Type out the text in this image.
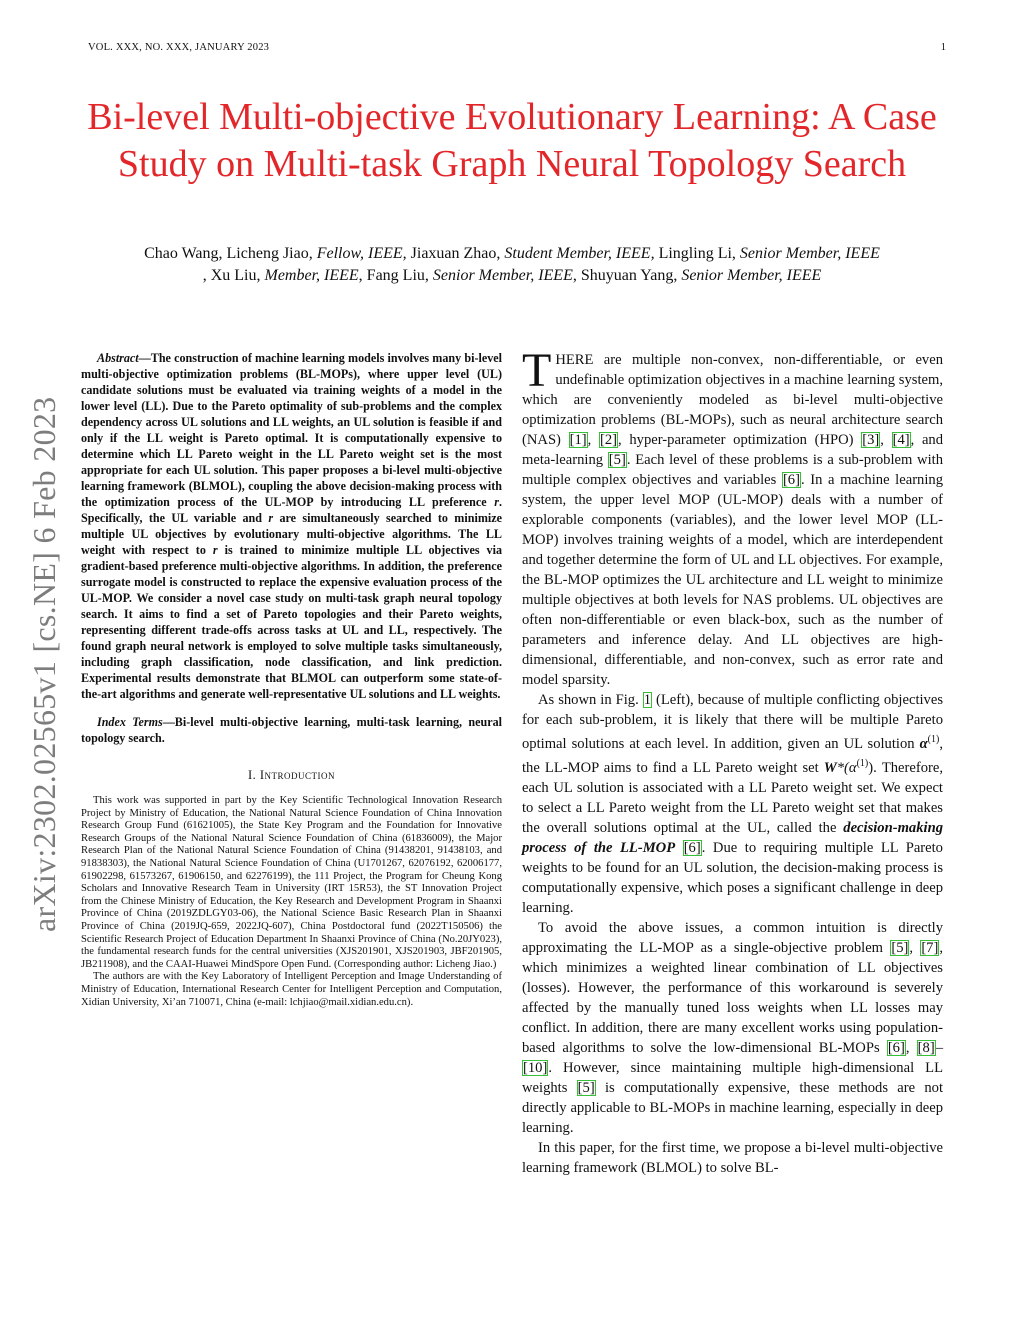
VOL. XXX, NO. XXX, JANUARY 2023	1
Bi-level Multi-objective Evolutionary Learning: A Case Study on Multi-task Graph Neural Topology Search
Chao Wang, Licheng Jiao, Fellow, IEEE, Jiaxuan Zhao, Student Member, IEEE, Lingling Li, Senior Member, IEEE
, Xu Liu, Member, IEEE, Fang Liu, Senior Member, IEEE, Shuyuan Yang, Senior Member, IEEE
arXiv:2302.02565v1 [cs.NE] 6 Feb 2023

Abstract—The construction of machine learning models involves many bi-level multi-objective optimization problems (BL-MOPs), where upper level (UL) candidate solutions must be evaluated via training weights of a model in the lower level (LL). Due to the Pareto optimality of sub-problems and the complex dependency across UL solutions and LL weights, an UL solution is feasible if and only if the LL weight is Pareto optimal. It is computationally expensive to determine which LL Pareto weight in the LL Pareto weight set is the most appropriate for each UL solution. This paper proposes a bi-level multi-objective learning framework (BLMOL), coupling the above decision-making process with the optimization process of the UL-MOP by introducing LL preference r. Specifically, the UL variable and r are simultaneously searched to minimize multiple UL objectives by evolutionary multi-objective algorithms. The LL weight with respect to r is trained to minimize multiple LL objectives via gradient-based preference multi-objective algorithms. In addition, the preference surrogate model is constructed to replace the expensive evaluation process of the UL-MOP. We consider a novel case study on multi-task graph neural topology search. It aims to find a set of Pareto topologies and their Pareto weights, representing different trade-offs across tasks at UL and LL, respectively. The found graph neural network is employed to solve multiple tasks simultaneously, including graph classification, node classification, and link prediction. Experimental results demonstrate that BLMOL can outperform some state-of-the-art algorithms and generate well-representative UL solutions and LL weights.

Index Terms—Bi-level multi-objective learning, multi-task learning, neural topology search.

I. Introduction

This work was supported in part by the Key Scientific Technological Innovation Research Project by Ministry of Education, the National Natural Science Foundation of China Innovation Research Group Fund (61621005), the State Key Program and the Foundation for Innovative Research Groups of the National Natural Science Foundation of China (61836009), the Major Research Plan of the National Natural Science Foundation of China (91438201, 91438103, and 91838303), the National Natural Science Foundation of China (U1701267, 62076192, 62006177, 61902298, 61573267, 61906150, and 62276199), the 111 Project, the Program for Cheung Kong Scholars and Innovative Research Team in University (IRT 15R53), the ST Innovation Project from the Chinese Ministry of Education, the Key Research and Development Program in Shaanxi Province of China (2019ZDLGY03-06), the National Science Basic Research Plan in Shaanxi Province of China (2019JQ-659, 2022JQ-607), China Postdoctoral fund (2022T150506) the Scientific Research Project of Education Department In Shaanxi Province of China (No.20JY023), the fundamental research funds for the central universities (XJS201901, XJS201903, JBF201905, JB211908), and the CAAI-Huawei MindSpore Open Fund. (Corresponding author: Licheng Jiao.)

The authors are with the Key Laboratory of Intelligent Perception and Image Understanding of Ministry of Education, International Research Center for Intelligent Perception and Computation, Xidian University, Xi’an 710071, China (e-mail: lchjiao@mail.xidian.edu.cn).

THERE are multiple non-convex, non-differentiable, or even undefinable optimization objectives in a machine learning system, which are conveniently modeled as bi-level multi-objective optimization problems (BL-MOPs), such as neural architecture search (NAS) [1], [2], hyper-parameter optimization (HPO) [3], [4], and meta-learning [5]. Each level of these problems is a sub-problem with multiple complex objectives and variables [6]. In a machine learning system, the upper level MOP (UL-MOP) deals with a number of explorable components (variables), and the lower level MOP (LL-MOP) involves training weights of a model, which are interdependent and together determine the form of UL and LL objectives. For example, the BL-MOP optimizes the UL architecture and LL weight to minimize multiple objectives at both levels for NAS problems. UL objectives are often non-differentiable or even black-box, such as the number of parameters and inference delay. And LL objectives are high-dimensional, differentiable, and non-convex, such as error rate and model sparsity.

As shown in Fig. 1 (Left), because of multiple conflicting objectives for each sub-problem, it is likely that there will be multiple Pareto optimal solutions at each level. In addition, given an UL solution $\alpha^{(1)}$, the LL-MOP aims to find a LL Pareto weight set $W*(\alpha^{(1)})$. Therefore, each UL solution is associated with a LL Pareto weight set. We expect to select a LL Pareto weight from the LL Pareto weight set that makes the overall solutions optimal at the UL, called the decision-making process of the LL-MOP [6]. Due to requiring multiple LL Pareto weights to be found for an UL solution, the decision-making process is computationally expensive, which poses a significant challenge in deep learning.

To avoid the above issues, a common intuition is directly approximating the LL-MOP as a single-objective problem [5], [7], which minimizes a weighted linear combination of LL objectives (losses). However, the performance of this workaround is severely affected by the manually tuned loss weights when LL losses may conflict. In addition, there are many excellent works using population-based algorithms to solve the low-dimensional BL-MOPs [6], [8]–[10]. However, since maintaining multiple high-dimensional LL weights [5] is computationally expensive, these methods are not directly applicable to BL-MOPs in machine learning, especially in deep learning.

In this paper, for the first time, we propose a bi-level multi-objective learning framework (BLMOL) to solve BL-
